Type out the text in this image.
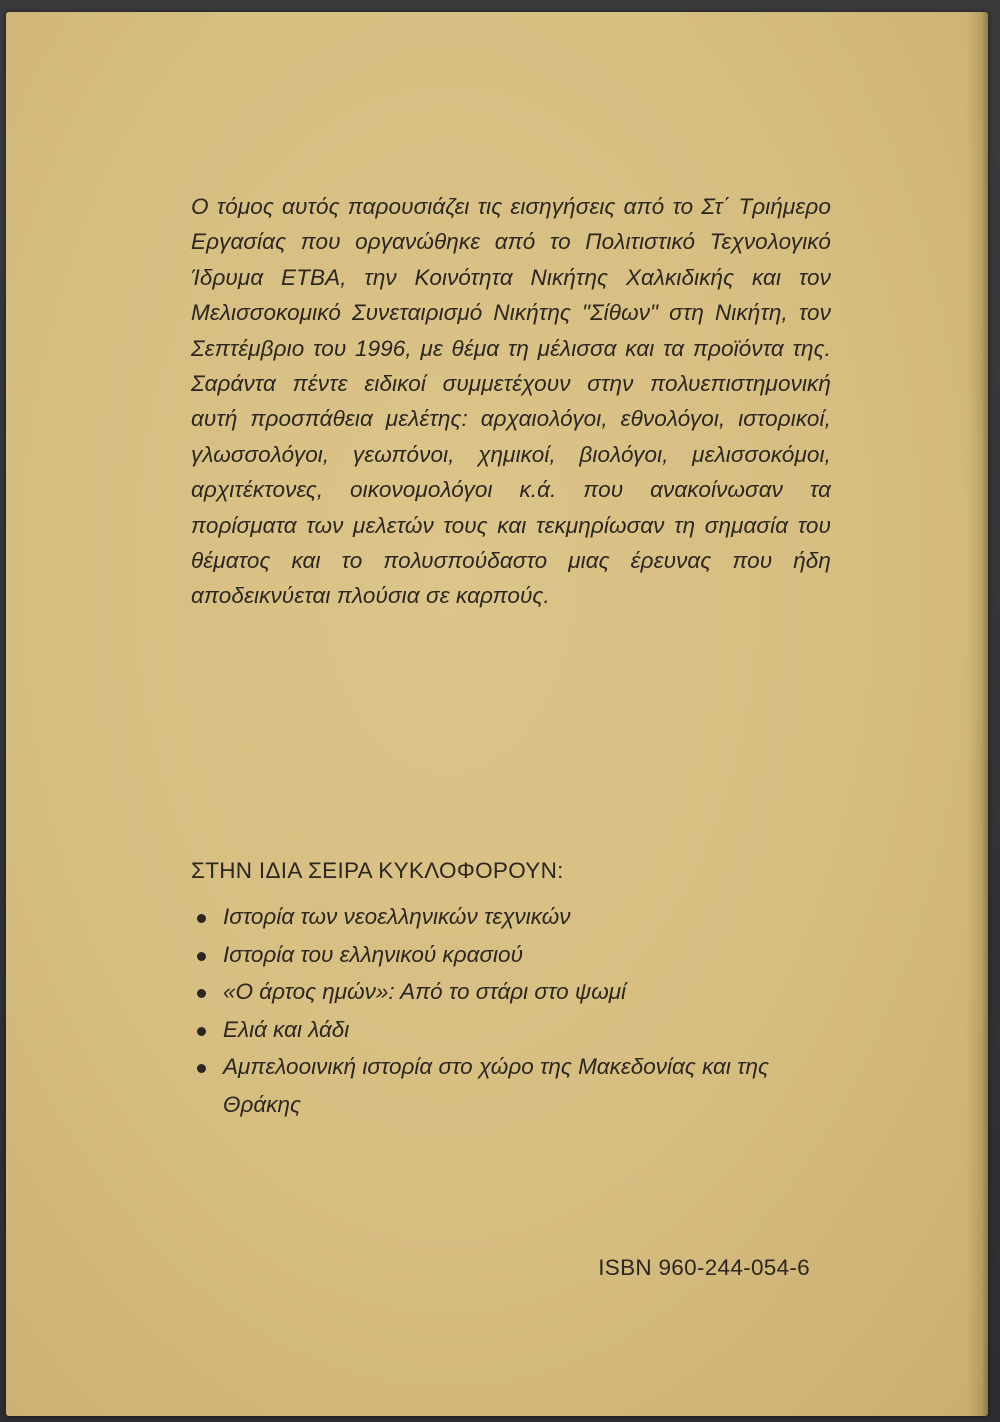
Ο τόμος αυτός παρουσιάζει τις εισηγήσεις από το Στ΄ Τριήμερο Εργασίας που οργανώθηκε από το Πολιτιστικό Τεχνολογικό Ίδρυμα ΕΤΒΑ, την Κοινότητα Νικήτης Χαλκιδικής και τον Μελισσοκομικό Συνεταιρισμό Νικήτης "Σίθων" στη Νικήτη, τον Σεπτέμβριο του 1996, με θέμα τη μέλισσα και τα προϊόντα της. Σαράντα πέντε ειδικοί συμμετέχουν στην πολυεπιστημονική αυτή προσπάθεια μελέτης: αρχαιολόγοι, εθνολόγοι, ιστορικοί, γλωσσολόγοι, γεωπόνοι, χημικοί, βιολόγοι, μελισσοκόμοι, αρχιτέκτονες, οικονομολόγοι κ.ά. που ανακοίνωσαν τα πορίσματα των μελετών τους και τεκμηρίωσαν τη σημασία του θέματος και το πολυσπούδαστο μιας έρευνας που ήδη αποδεικνύεται πλούσια σε καρπούς.

ΣΤΗΝ ΙΔΙΑ ΣΕΙΡΑ ΚΥΚΛΟΦΟΡΟΥΝ:
Ιστορία των νεοελληνικών τεχνικών
Ιστορία του ελληνικού κρασιού
«Ο άρτος ημών»: Από το στάρι στο ψωμί
Ελιά και λάδι
Αμπελοοινική ιστορία στο χώρο της Μακεδονίας και της Θράκης
ISBN 960-244-054-6
